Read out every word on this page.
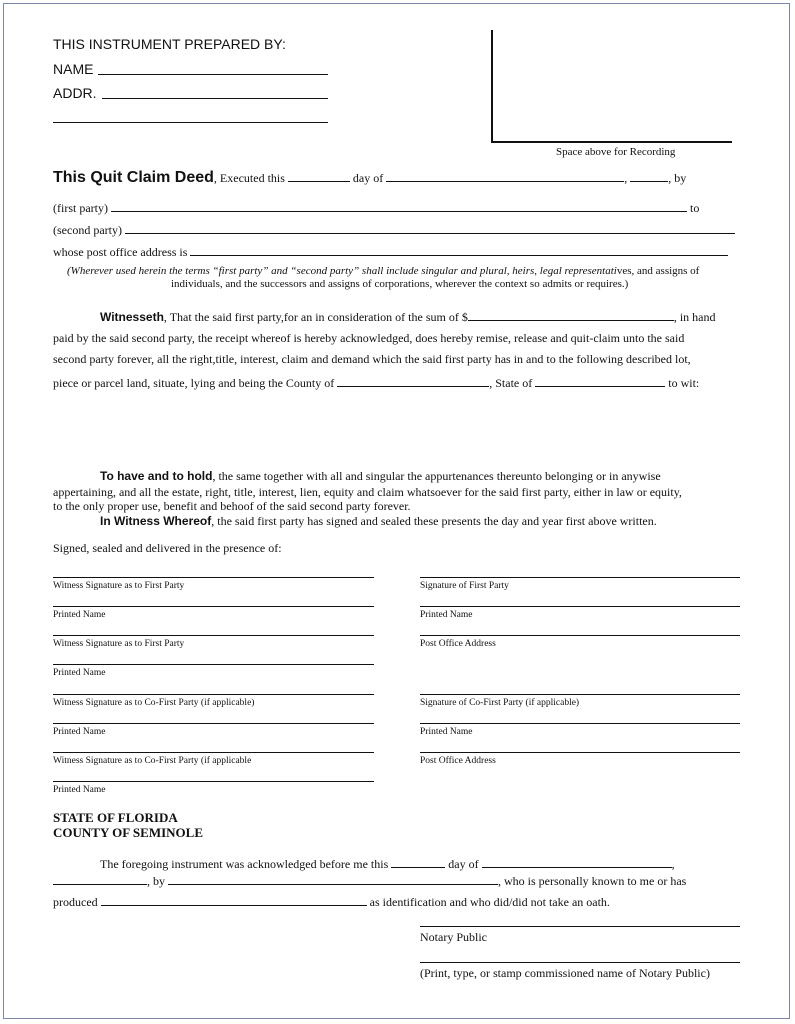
THIS INSTRUMENT PREPARED BY:
NAME
ADDR.
Space above for Recording
This Quit Claim Deed, Executed this	day of	,	, by
(first party)	to
(second party)
whose post office address is
(Wherever used herein the terms “first party” and “second party” shall include singular and plural, heirs, legal representatives, and assigns of
individuals, and the successors and assigns of corporations, wherever the context so admits or requires.)
Witnesseth, That the said first party,for an in consideration of the sum of $	, in hand
paid by the said second party, the receipt whereof is hereby acknowledged, does hereby remise, release and quit-claim unto the said
second party forever, all the right,title, interest, claim and demand which the said first party has in and to the following described lot,
piece or parcel land, situate, lying and being the County of	, State of	to wit:
To have and to hold, the same together with all and singular the appurtenances thereunto belonging or in anywise
appertaining, and all the estate, right, title, interest, lien, equity and claim whatsoever for the said first party, either in law or equity,
to the only proper use, benefit and behoof of the said second party forever.
In Witness Whereof, the said first party has signed and sealed these presents the day and year first above written.
Signed, sealed and delivered in the presence of:
Witness Signature as to First Party
Printed Name
Witness Signature as to First Party
Printed Name
Witness Signature as to Co-First Party (if applicable)
Printed Name
Witness Signature as to Co-First Party (if applicable
Printed Name
Signature of First Party
Printed Name
Post Office Address
Signature of Co-First Party (if applicable)
Printed Name
Post Office Address
STATE OF FLORIDA
COUNTY OF SEMINOLE
The foregoing instrument was acknowledged before me this	day of	,
, by	, who is personally known to me or has
produced	as identification and who did/did not take an oath.
Notary Public
(Print, type, or stamp commissioned name of Notary Public)
